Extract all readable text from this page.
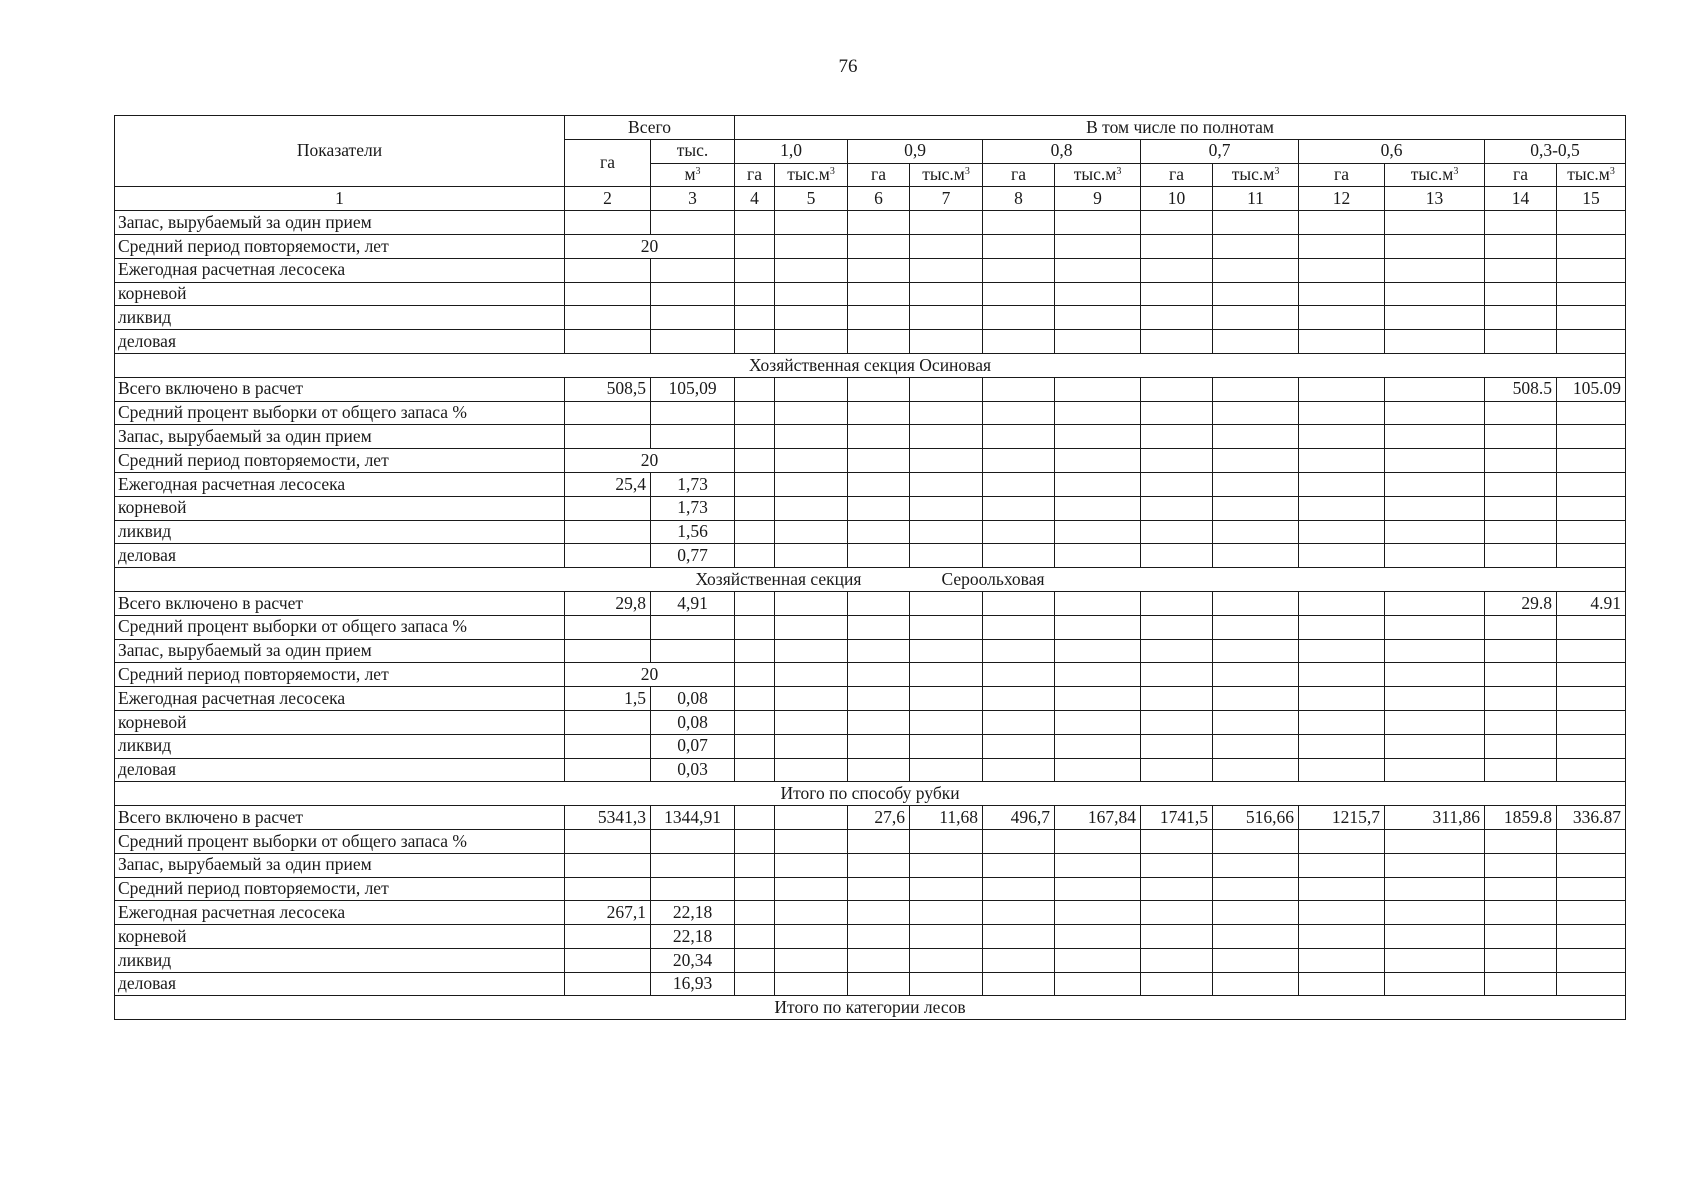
76
Показатели	Всего		В том числе по полнотам											
	га	тыс.	1,0		0,9		0,8		0,7		0,6		0,3-0,5	
		$м^3$	га	$тыс.м^3$	га	$тыс.м^3$	га	$тыс.м^3$	га	$тыс.м^3$	га	$тыс.м^3$	га	$тыс.м^3$
1	2	3	4	5	6	7	8	9	10	11	12	13	14	15
Запас, вырубаемый за один прием														
Средний период повторяемости, лет	20													
Ежегодная расчетная лесосека														
корневой														
ликвид														
деловая														
Хозяйственная секция Осиновая														
Всего включено в расчет	508,5	105,09											508.5	105.09
Средний процент выборки от общего запаса %														
Запас, вырубаемый за один прием														
Средний период повторяемости, лет	20													
Ежегодная расчетная лесосека	25,4	1,73												
корневой		1,73												
ликвид		1,56												
деловая		0,77												
Хозяйственная секция Сероольховая														
Всего включено в расчет	29,8	4,91											29.8	4.91
Средний процент выборки от общего запаса %														
Запас, вырубаемый за один прием														
Средний период повторяемости, лет	20													
Ежегодная расчетная лесосека	1,5	0,08												
корневой		0,08												
ликвид		0,07												
деловая		0,03												
Итого по способу рубки														
Всего включено в расчет	5341,3	1344,91			27,6	11,68	496,7	167,84	1741,5	516,66	1215,7	311,86	1859.8	336.87
Средний процент выборки от общего запаса %														
Запас, вырубаемый за один прием														
Средний период повторяемости, лет														
Ежегодная расчетная лесосека	267,1	22,18												
корневой		22,18												
ликвид		20,34												
деловая		16,93												
Итого по категории лесов														
